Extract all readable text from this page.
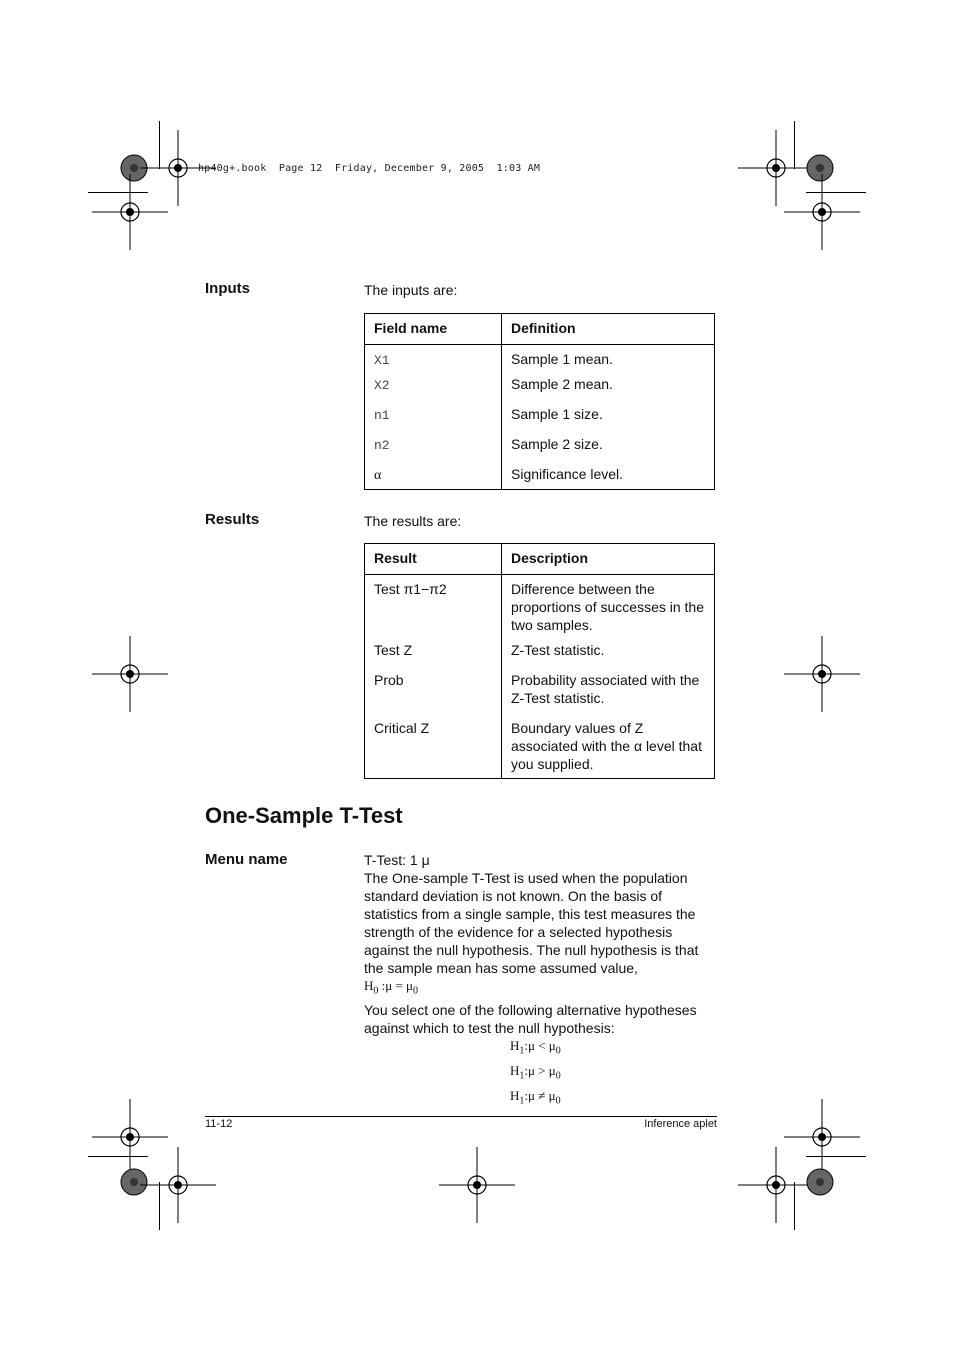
hp40g+.book  Page 12  Friday, December 9, 2005  1:03 AM
Inputs	The inputs are:
Field name	Definition
X1	Sample 1 mean.
X2	Sample 2 mean.
n1	Sample 1 size.
n2	Sample 2 size.
α	Significance level.
Results	The results are:
Result	Description
Test π1−π2	Difference between the proportions of successes in the two samples.
Test Z	Z-Test statistic.
Prob	Probability associated with the Z-Test statistic.
Critical Z	Boundary values of Z associated with the α level that you supplied.
One-Sample T-Test
Menu name	T-Test: 1 μ
The One-sample T-Test is used when the population standard deviation is not known. On the basis of statistics from a single sample, this test measures the strength of the evidence for a selected hypothesis against the null hypothesis. The null hypothesis is that the sample mean has some assumed value,
$H_0$ :μ = $\mu_0$
You select one of the following alternative hypotheses against which to test the null hypothesis:
$H_1:\mu < \mu_0$
$H_1:\mu > \mu_0$
$H_1:\mu \ne \mu_0$
11-12	Inference aplet
